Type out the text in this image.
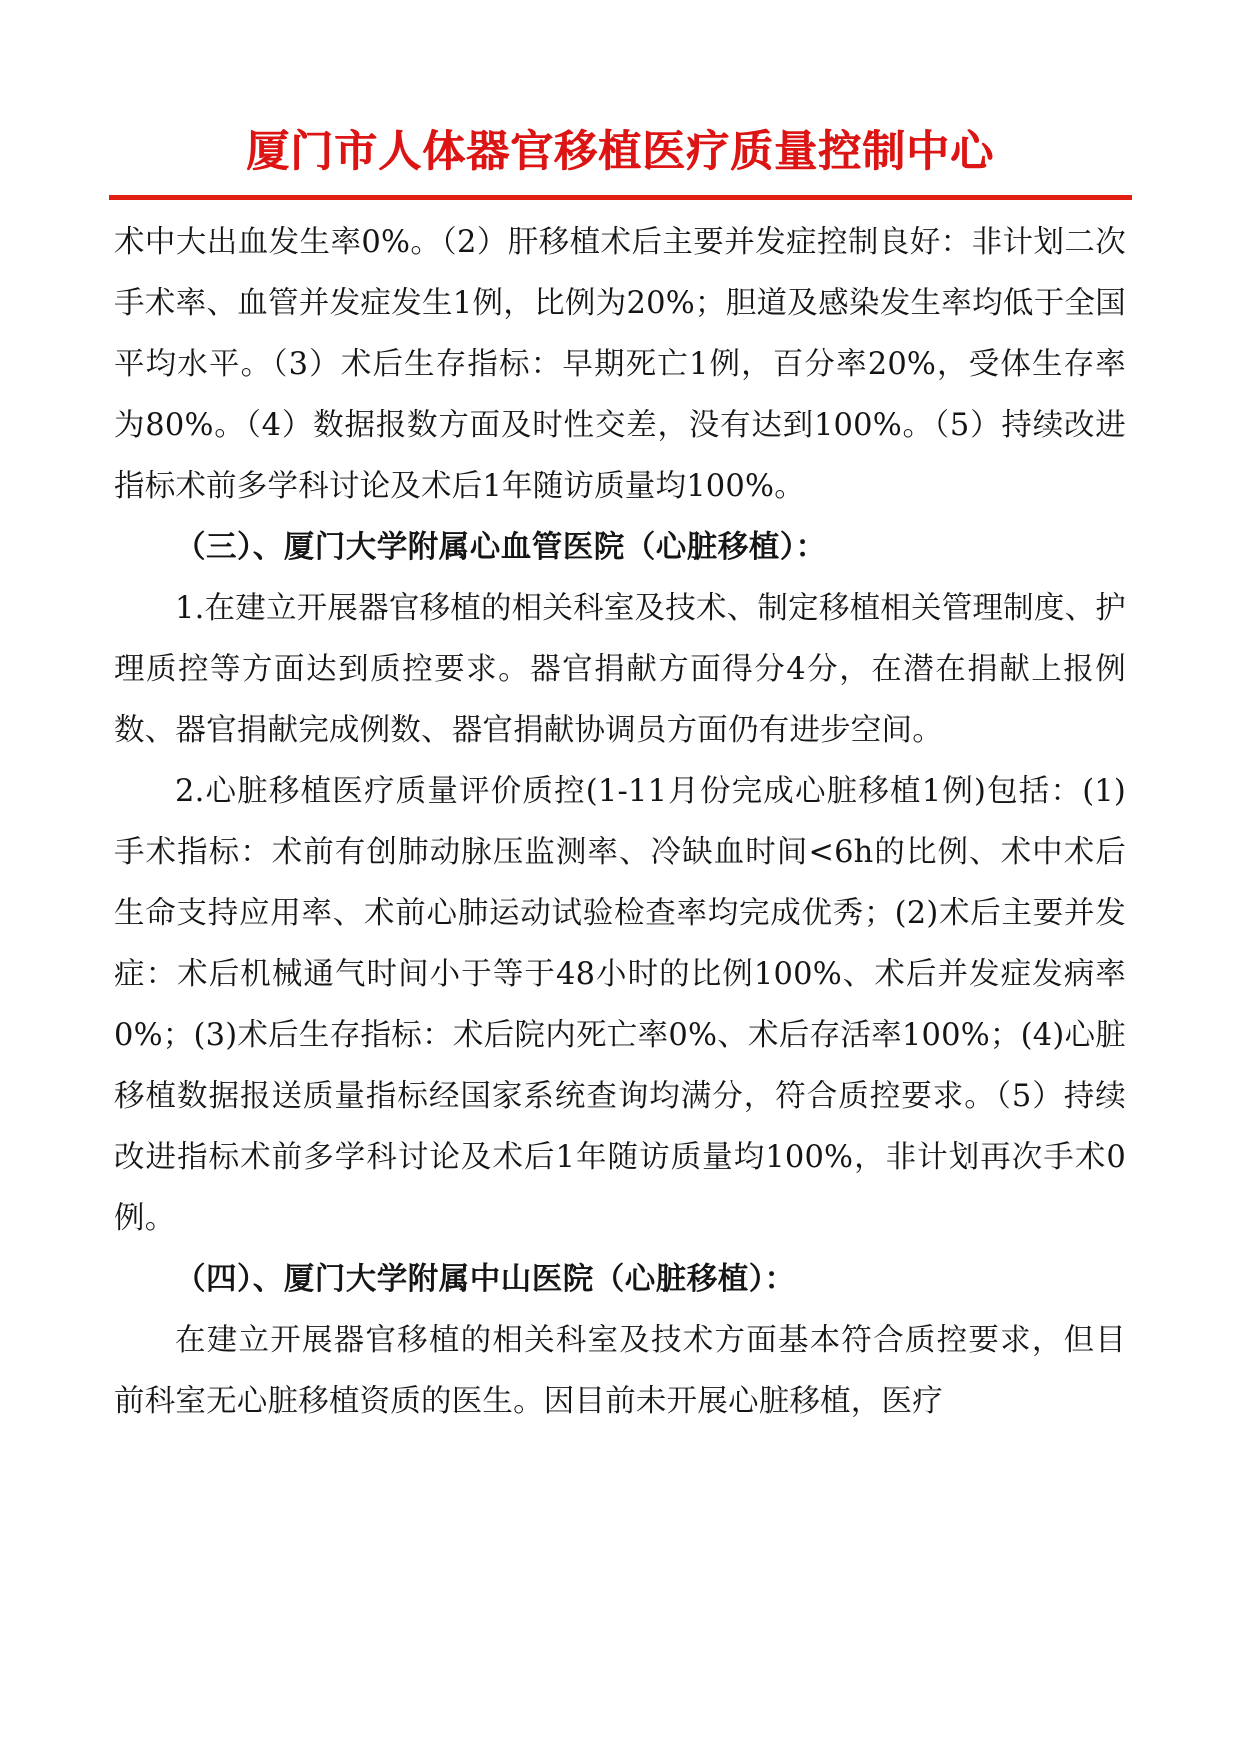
厦门市人体器官移植医疗质量控制中心

术中大出血发生率0%。（2）肝移植术后主要并发症控制良好：非计划二次手术率、血管并发症发生1例，比例为20%；胆道及感染发生率均低于全国平均水平。（3）术后生存指标：早期死亡1例，百分率20%，受体生存率为80%。（4）数据报数方面及时性交差，没有达到100%。（5）持续改进指标术前多学科讨论及术后1年随访质量均100%。

（三）、厦门大学附属心血管医院（心脏移植）：

1.在建立开展器官移植的相关科室及技术、制定移植相关管理制度、护理质控等方面达到质控要求。器官捐献方面得分4分，在潜在捐献上报例数、器官捐献完成例数、器官捐献协调员方面仍有进步空间。

2.心脏移植医疗质量评价质控(1-11月份完成心脏移植1例)包括：(1)手术指标：术前有创肺动脉压监测率、冷缺血时间<6h的比例、术中术后生命支持应用率、术前心肺运动试验检查率均完成优秀；(2)术后主要并发症：术后机械通气时间小于等于48小时的比例100%、术后并发症发病率0%；(3)术后生存指标：术后院内死亡率0%、术后存活率100%；(4)心脏移植数据报送质量指标经国家系统查询均满分，符合质控要求。（5）持续改进指标术前多学科讨论及术后1年随访质量均100%，非计划再次手术0例。

（四）、厦门大学附属中山医院（心脏移植）：

在建立开展器官移植的相关科室及技术方面基本符合质控要求，但目前科室无心脏移植资质的医生。因目前未开展心脏移植，医疗
